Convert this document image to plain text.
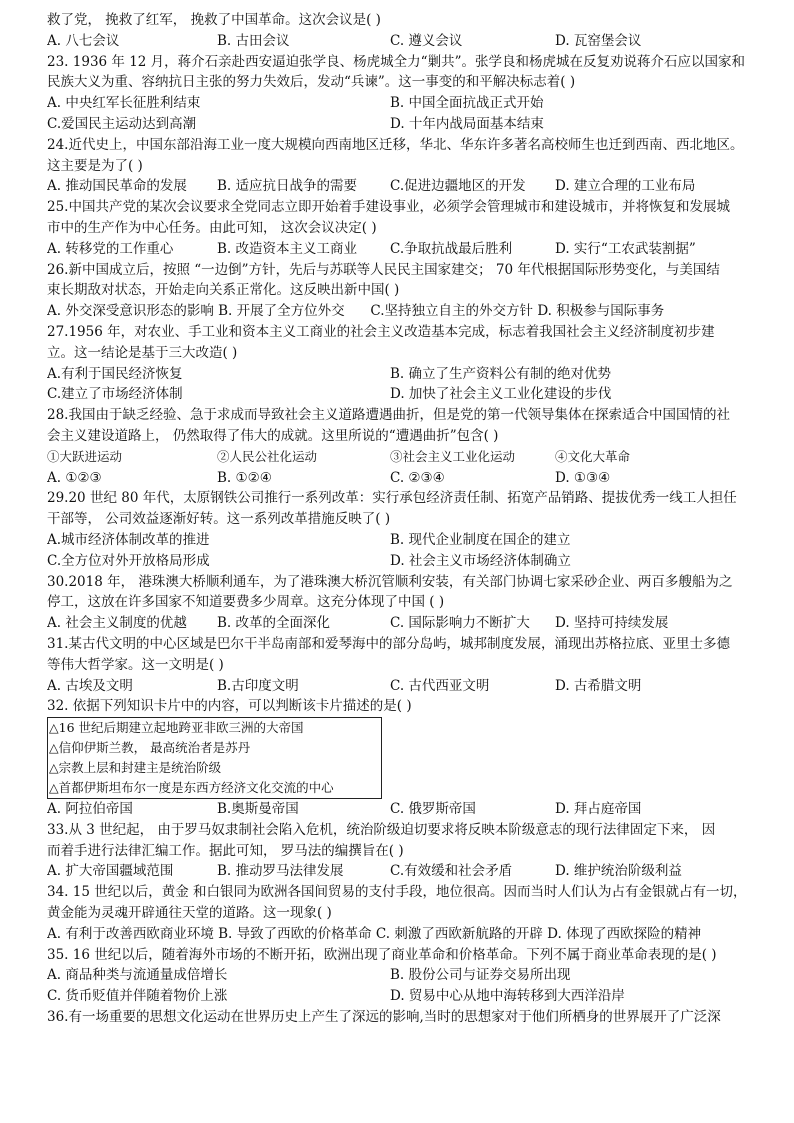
救了党， 挽救了红军， 挽救了中国革命。这次会议是( )
A. 八七会议	B. 古田会议	C. 遵义会议	D. 瓦窑堡会议
23. 1936 年 12 月，蒋介石亲赴西安逼迫张学良、杨虎城全力“剿共”。张学良和杨虎城在反复劝说蒋介石应以国家和
民族大义为重、容纳抗日主张的努力失效后，发动“兵谏”。这一事变的和平解决标志着( )
A. 中央红军长征胜利结束	B. 中国全面抗战正式开始
C.爱国民主运动达到高潮	D. 十年内战局面基本结束
24.近代史上，中国东部沿海工业一度大规模向西南地区迁移，华北、华东许多著名高校师生也迁到西南、西北地区。
这主要是为了( )
A. 推动国民革命的发展	B. 适应抗日战争的需要	C.促进边疆地区的开发	D. 建立合理的工业布局
25.中国共产党的某次会议要求全党同志立即开始着手建设事业，必须学会管理城市和建设城市，并将恢复和发展城
市中的生产作为中心任务。由此可知， 这次会议决定( )
A. 转移党的工作重心	B. 改造资本主义工商业	C.争取抗战最后胜利	D. 实行“工农武装割据”
26.新中国成立后，按照 “一边倒”方针，先后与苏联等人民民主国家建交； 70 年代根据国际形势变化，与美国结
束长期敌对状态，开始走向关系正常化。这反映出新中国( )
A. 外交深受意识形态的影响 B. 开展了全方位外交 C.坚持独立自主的外交方针 D. 积极参与国际事务
27.1956 年，对农业、手工业和资本主义工商业的社会主义改造基本完成，标志着我国社会主义经济制度初步建
立。这一结论是基于三大改造( )
A.有利于国民经济恢复	B. 确立了生产资料公有制的绝对优势
C.建立了市场经济体制	D. 加快了社会主义工业化建设的步伐
28.我国由于缺乏经验、急于求成而导致社会主义道路遭遇曲折，但是党的第一代领导集体在探索适合中国国情的社
会主义建设道路上， 仍然取得了伟大的成就。这里所说的“遭遇曲折”包含( )
①大跃进运动	②人民公社化运动	③社会主义工业化运动	④文化大革命
A. ①②③	B. ①②④	C. ②③④	D. ①③④
29.20 世纪 80 年代，太原钢铁公司推行一系列改革：实行承包经济责任制、拓宽产品销路、提拔优秀一线工人担任
干部等， 公司效益逐渐好转。这一系列改革措施反映了( )
A.城市经济体制改革的推进	B. 现代企业制度在国企的建立
C.全方位对外开放格局形成	D. 社会主义市场经济体制确立
30.2018 年， 港珠澳大桥顺利通车，为了港珠澳大桥沉管顺利安装，有关部门协调七家采砂企业、两百多艘船为之
停工，这放在许多国家不知道要费多少周章。这充分体现了中国 ( )
A. 社会主义制度的优越	B. 改革的全面深化	C. 国际影响力不断扩大	D. 坚持可持续发展
31.某古代文明的中心区域是巴尔干半岛南部和爱琴海中的部分岛屿，城邦制度发展，涌现出苏格拉底、亚里士多德
等伟大哲学家。这一文明是( )
A. 古埃及文明	B.古印度文明	C. 古代西亚文明	D. 古希腊文明
32. 依据下列知识卡片中的内容，可以判断该卡片描述的是( )
△16 世纪后期建立起地跨亚非欧三洲的大帝国
△信仰伊斯兰教， 最高统治者是苏丹
△宗教上层和封建主是统治阶级
△首都伊斯坦布尔一度是东西方经济文化交流的中心
A. 阿拉伯帝国	B.奥斯曼帝国	C. 俄罗斯帝国	D. 拜占庭帝国
33.从 3 世纪起， 由于罗马奴隶制社会陷入危机，统治阶级迫切要求将反映本阶级意志的现行法律固定下来， 因
而着手进行法律汇编工作。据此可知， 罗马法的编撰旨在( )
A. 扩大帝国疆域范围	B. 推动罗马法律发展	C.有效缓和社会矛盾	D. 维护统治阶级利益
34. 15 世纪以后，黄金 和白银同为欧洲各国间贸易的支付手段，地位很高。因而当时人们认为占有金银就占有一切，
黄金能为灵魂开辟通往天堂的道路。这一现象( )
A. 有利于改善西欧商业环境 B. 导致了西欧的价格革命 C. 刺激了西欧新航路的开辟 D. 体现了西欧探险的精神
35. 16 世纪以后，随着海外市场的不断开拓，欧洲出现了商业革命和价格革命。下列不属于商业革命表现的是( )
A. 商品种类与流通量成倍增长	B. 股份公司与证券交易所出现
C. 货币贬值并伴随着物价上涨	D. 贸易中心从地中海转移到大西洋沿岸
36.有一场重要的思想文化运动在世界历史上产生了深远的影响,当时的思想家对于他们所栖身的世界展开了广泛深
